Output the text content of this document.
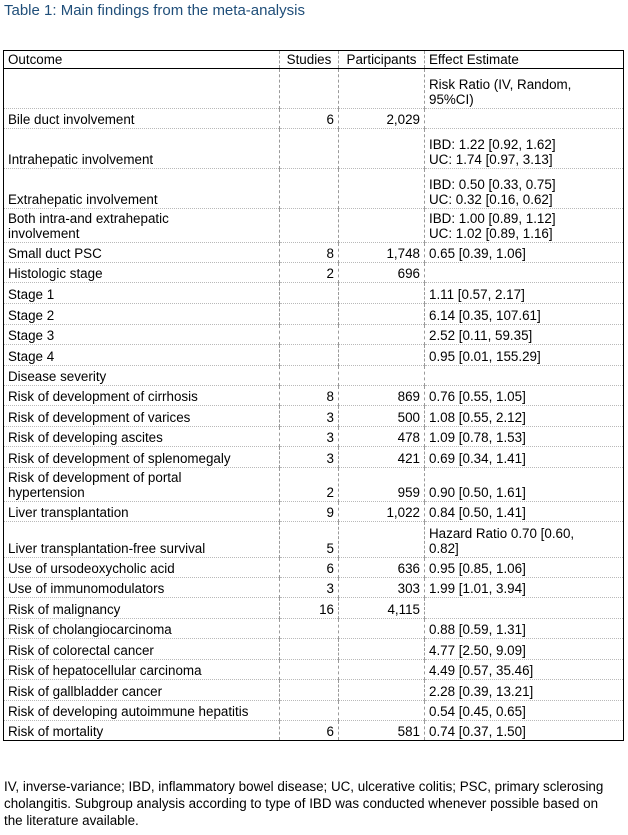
Table 1: Main findings from the meta-analysis
Outcome	Studies	Participants	Effect Estimate
			Risk Ratio (IV, Random, 95%CI)
Bile duct involvement	6	2,029	
Intrahepatic involvement			IBD: 1.22 [0.92, 1.62] UC: 1.74 [0.97, 3.13]

Extrahepatic involvement			IBD: 0.50 [0.33, 0.75] UC: 0.32 [0.16, 0.62]

Both intra-and extrahepatic involvement			IBD: 1.00 [0.89, 1.12] UC: 1.02 [0.89, 1.16]

Small duct PSC	8	1,748	0.65 [0.39, 1.06]
Histologic stage	2	696	
Stage 1			1.11 [0.57, 2.17]
Stage 2			6.14 [0.35, 107.61]
Stage 3			2.52 [0.11, 59.35]
Stage 4			0.95 [0.01, 155.29]
Disease severity			
Risk of development of cirrhosis	8	869	0.76 [0.55, 1.05]
Risk of development of varices	3	500	1.08 [0.55, 2.12]
Risk of developing ascites	3	478	1.09 [0.78, 1.53]
Risk of development of splenomegaly	3	421	0.69 [0.34, 1.41]
Risk of development of portal hypertension	2	959	0.90 [0.50, 1.61]
Liver transplantation	9	1,022	0.84 [0.50, 1.41]
Liver transplantation-free survival	5		Hazard Ratio 0.70 [0.60, 0.82]

Use of ursodeoxycholic acid	6	636	0.95 [0.85, 1.06]
Use of immunomodulators	3	303	1.99 [1.01, 3.94]
Risk of malignancy	16	4,115	
Risk of cholangiocarcinoma			0.88 [0.59, 1.31]
Risk of colorectal cancer			4.77 [2.50, 9.09]
Risk of hepatocellular carcinoma			4.49 [0.57, 35.46]
Risk of gallbladder cancer			2.28 [0.39, 13.21]
Risk of developing autoimmune hepatitis			0.54 [0.45, 0.65]
Risk of mortality	6	581	0.74 [0.37, 1.50]
IV, inverse-variance; IBD, inflammatory bowel disease; UC, ulcerative colitis; PSC, primary sclerosing cholangitis. Subgroup analysis according to type of IBD was conducted whenever possible based on the literature available.
